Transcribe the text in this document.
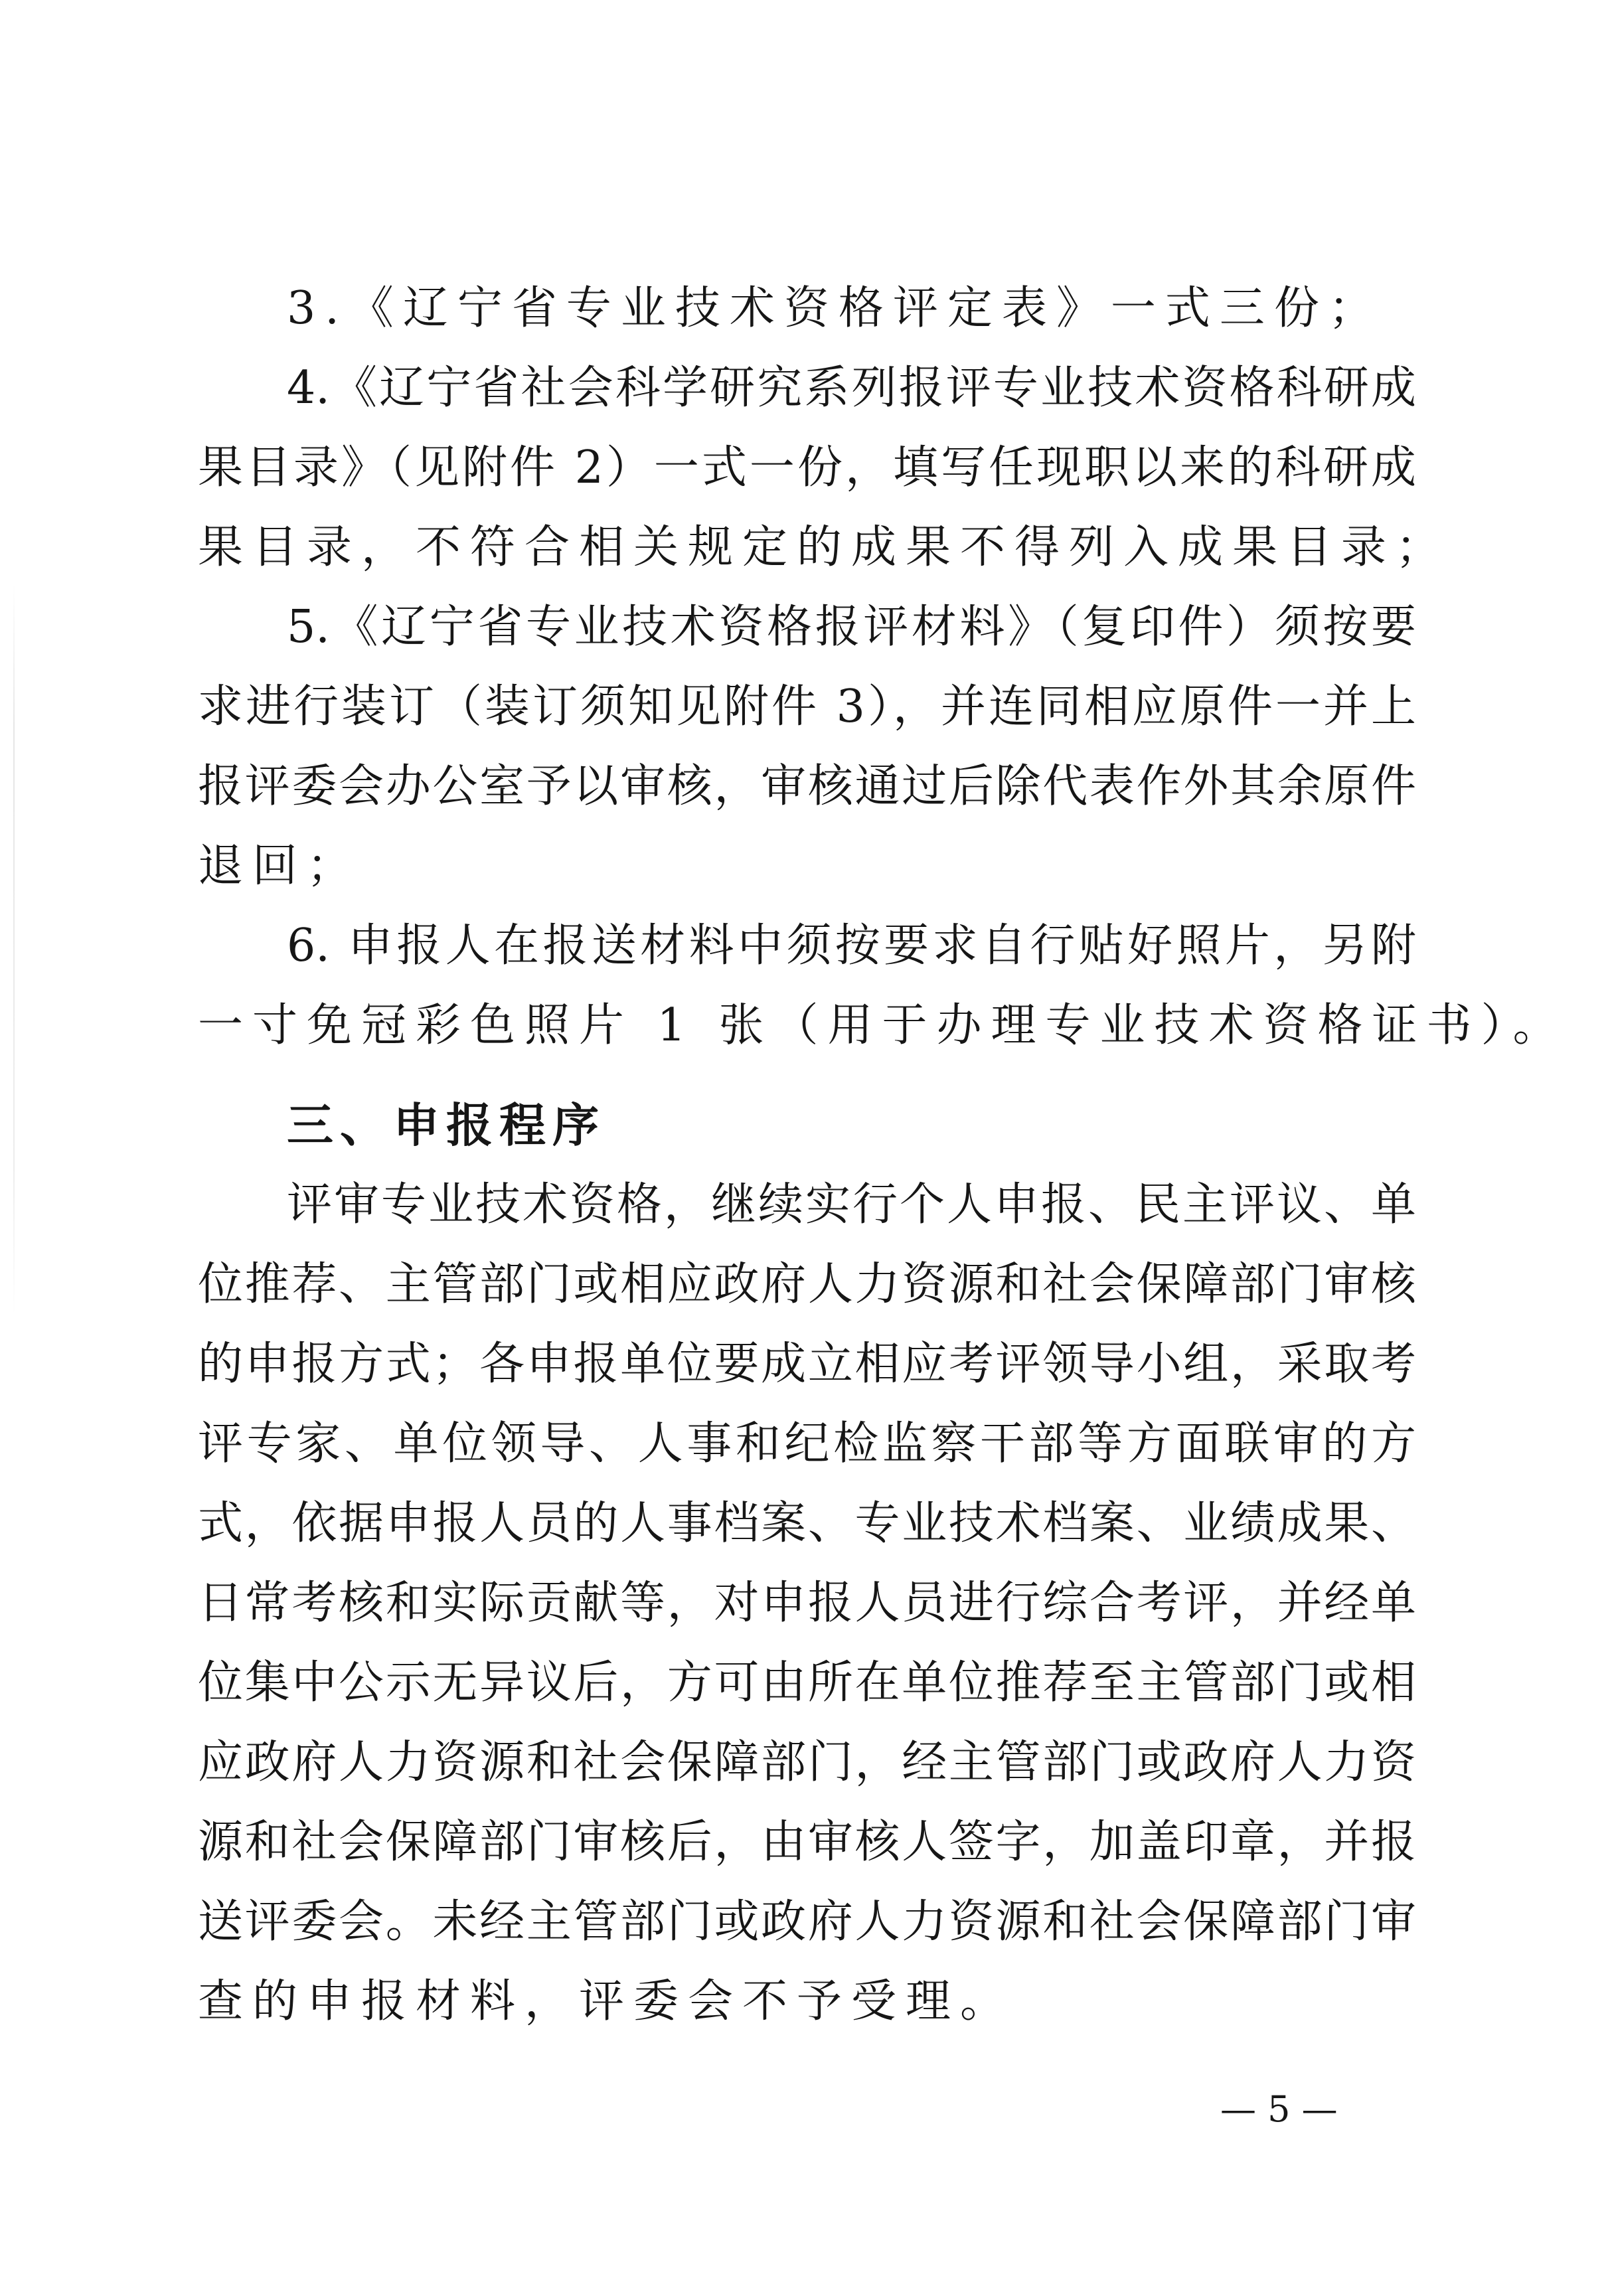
3.《辽宁省专业技术资格评定表》一式三份；
4.《辽宁省社会科学研究系列报评专业技术资格科研成
果目录》（见附件 2）一式一份，填写任现职以来的科研成
果目录，不符合相关规定的成果不得列入成果目录；
5.《辽宁省专业技术资格报评材料》（复印件）须按要
求进行装订（装订须知见附件 3），并连同相应原件一并上
报评委会办公室予以审核，审核通过后除代表作外其余原件
退回；
6. 申报人在报送材料中须按要求自行贴好照片，另附
一寸免冠彩色照片 1 张（用于办理专业技术资格证书）。
三、申报程序
评审专业技术资格，继续实行个人申报、民主评议、单
位推荐、主管部门或相应政府人力资源和社会保障部门审核
的申报方式；各申报单位要成立相应考评领导小组，采取考
评专家、单位领导、人事和纪检监察干部等方面联审的方
式，依据申报人员的人事档案、专业技术档案、业绩成果、
日常考核和实际贡献等，对申报人员进行综合考评，并经单
位集中公示无异议后，方可由所在单位推荐至主管部门或相
应政府人力资源和社会保障部门，经主管部门或政府人力资
源和社会保障部门审核后，由审核人签字，加盖印章，并报
送评委会。未经主管部门或政府人力资源和社会保障部门审
查的申报材料，评委会不予受理。
— 5 —
